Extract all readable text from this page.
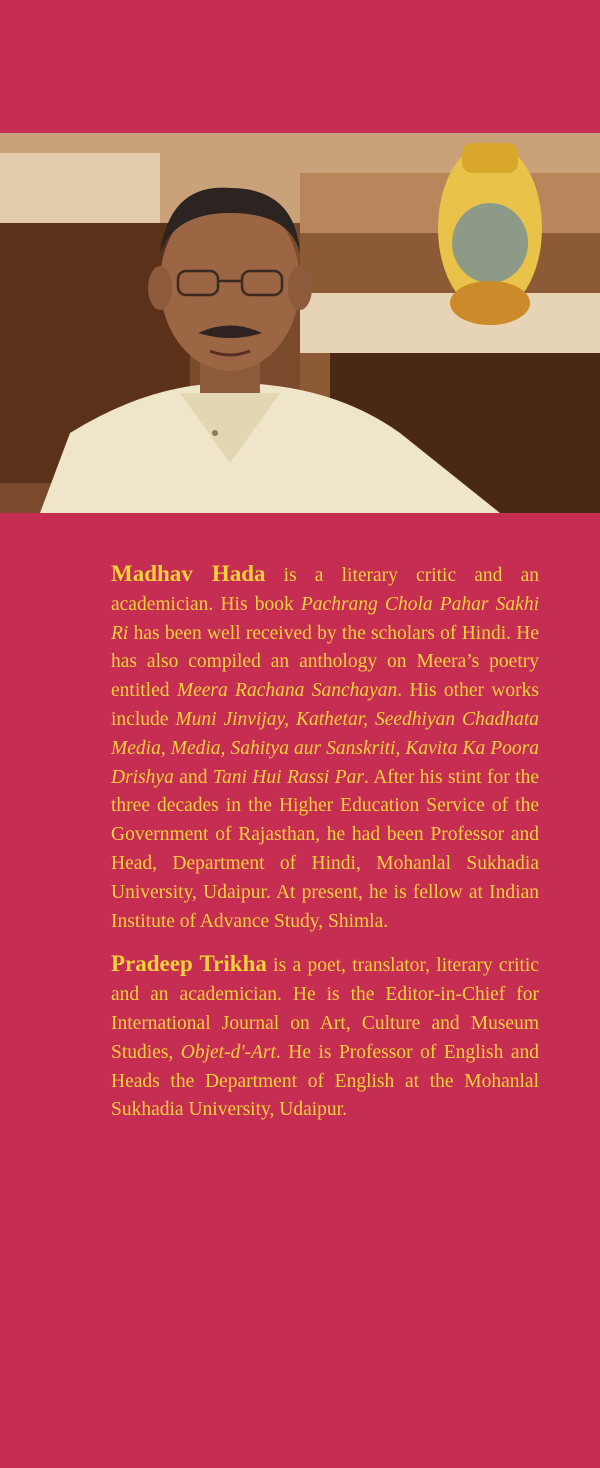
Madhav Hada is a literary critic and an academician. His book Pachrang Chola Pahar Sakhi Ri has been well received by the scholars of Hindi. He has also compiled an anthology on Meera’s poetry entitled Meera Rachana Sanchayan. His other works include Muni Jinvijay, Kathetar, Seedhiyan Chadhata Media, Media, Sahitya aur Sanskriti, Kavita Ka Poora Drishya and Tani Hui Rassi Par. After his stint for the three decades in the Higher Education Service of the Government of Rajasthan, he had been Professor and Head, Department of Hindi, Mohanlal Sukhadia University, Udaipur. At present, he is fellow at Indian Institute of Advance Study, Shimla.

Pradeep Trikha is a poet, translator, literary critic and an academician. He is the Editor-in-Chief for International Journal on Art, Culture and Museum Studies, Objet-d'-Art. He is Professor of English and Heads the Department of English at the Mohanlal Sukhadia University, Udaipur.
